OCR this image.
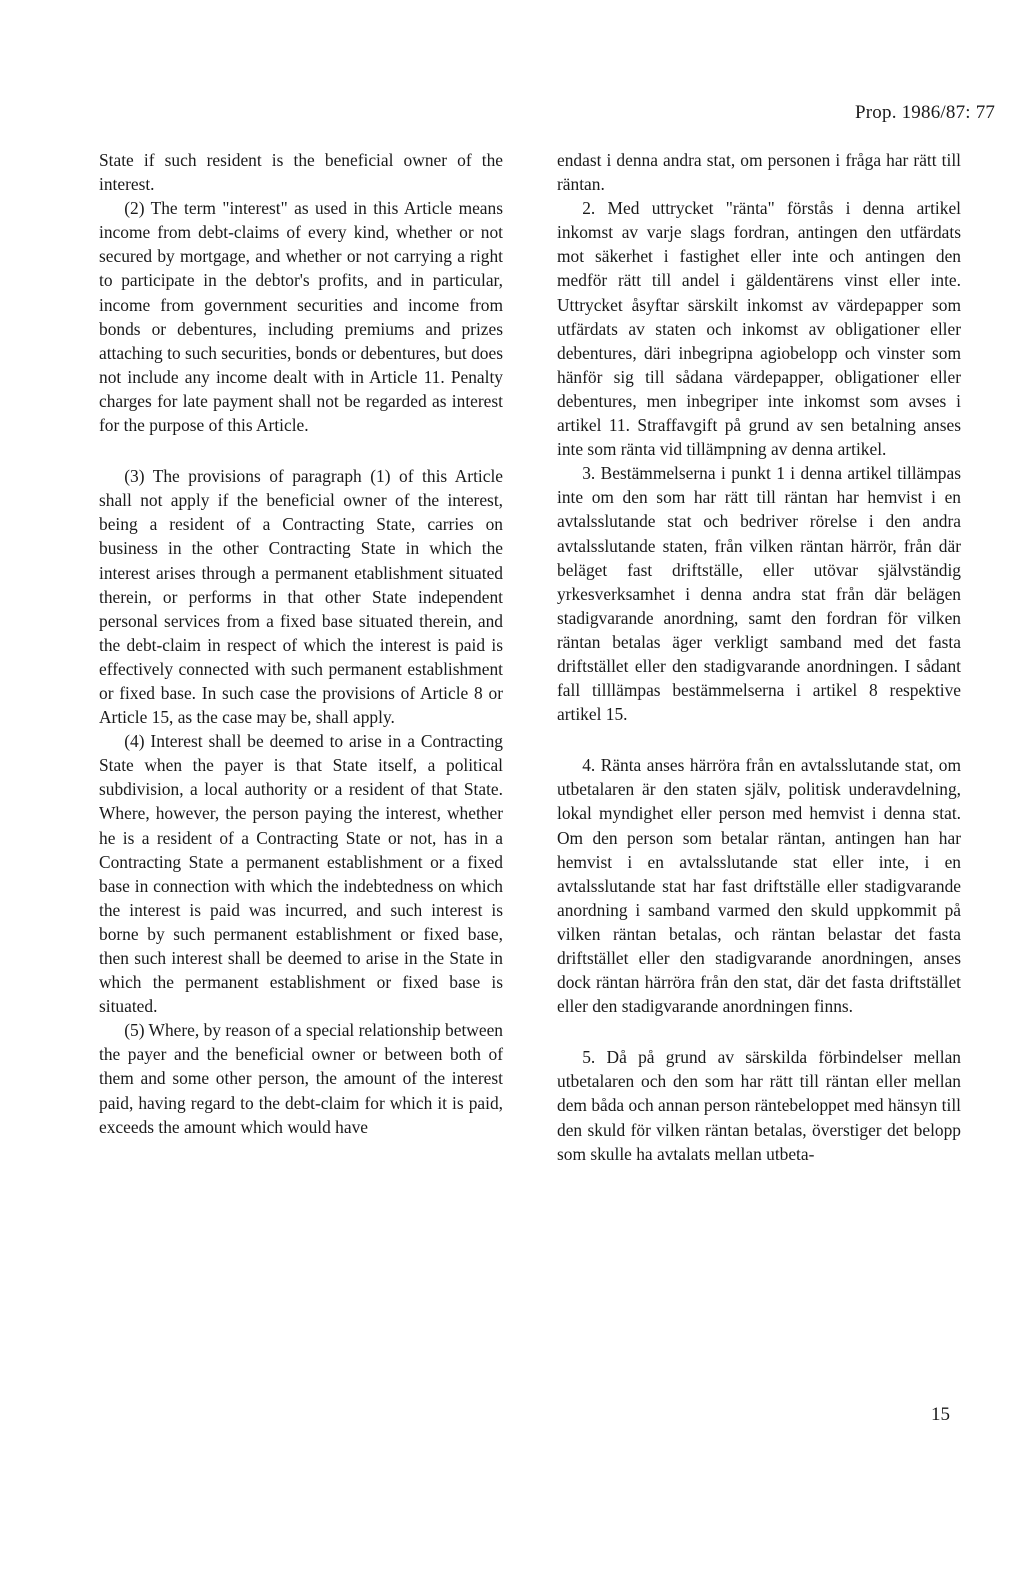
Prop. 1986/87: 77

State if such resident is the beneficial owner of the interest.

(2) The term "interest" as used in this Article means income from debt-claims of every kind, whether or not secured by mortgage, and whether or not carrying a right to participate in the debtor's profits, and in particular, income from government securities and income from bonds or debentures, including premiums and prizes attaching to such securities, bonds or debentures, but does not include any income dealt with in Article 11. Penalty charges for late payment shall not be regarded as interest for the purpose of this Article.

(3) The provisions of paragraph (1) of this Article shall not apply if the beneficial owner of the interest, being a resident of a Contracting State, carries on business in the other Contracting State in which the interest arises through a permanent etablishment situated therein, or performs in that other State independent personal services from a fixed base situated therein, and the debt-claim in respect of which the interest is paid is effectively connected with such permanent establishment or fixed base. In such case the provisions of Article 8 or Article 15, as the case may be, shall apply.

(4) Interest shall be deemed to arise in a Contracting State when the payer is that State itself, a political subdivision, a local authority or a resident of that State. Where, however, the person paying the interest, whether he is a resident of a Contracting State or not, has in a Contracting State a permanent establishment or a fixed base in connection with which the indebtedness on which the interest is paid was incurred, and such interest is borne by such permanent establishment or fixed base, then such interest shall be deemed to arise in the State in which the permanent establishment or fixed base is situated.

(5) Where, by reason of a special relationship between the payer and the beneficial owner or between both of them and some other person, the amount of the interest paid, having regard to the debt-claim for which it is paid, exceeds the amount which would have

endast i denna andra stat, om personen i fråga har rätt till räntan.

2. Med uttrycket "ränta" förstås i denna artikel inkomst av varje slags fordran, antingen den utfärdats mot säkerhet i fastighet eller inte och antingen den medför rätt till andel i gäldentärens vinst eller inte. Uttrycket åsyftar särskilt inkomst av värdepapper som utfärdats av staten och inkomst av obligationer eller debentures, däri inbegripna agiobelopp och vinster som hänför sig till sådana värdepapper, obligationer eller debentures, men inbegriper inte inkomst som avses i artikel 11. Straffavgift på grund av sen betalning anses inte som ränta vid tillämpning av denna artikel.

3. Bestämmelserna i punkt 1 i denna artikel tillämpas inte om den som har rätt till räntan har hemvist i en avtalsslutande stat och bedriver rörelse i den andra avtalsslutande staten, från vilken räntan härrör, från där beläget fast driftställe, eller utövar självständig yrkesverksamhet i denna andra stat från där belägen stadigvarande anordning, samt den fordran för vilken räntan betalas äger verkligt samband med det fasta driftstället eller den stadigvarande anordningen. I sådant fall tilllämpas bestämmelserna i artikel 8 respektive artikel 15.

4. Ränta anses härröra från en avtalsslutande stat, om utbetalaren är den staten själv, politisk underavdelning, lokal myndighet eller person med hemvist i denna stat. Om den person som betalar räntan, antingen han har hemvist i en avtalsslutande stat eller inte, i en avtalsslutande stat har fast driftställe eller stadigvarande anordning i samband varmed den skuld uppkommit på vilken räntan betalas, och räntan belastar det fasta driftstället eller den stadigvarande anordningen, anses dock räntan härröra från den stat, där det fasta driftstället eller den stadigvarande anordningen finns.

5. Då på grund av särskilda förbindelser mellan utbetalaren och den som har rätt till räntan eller mellan dem båda och annan person räntebeloppet med hänsyn till den skuld för vilken räntan betalas, överstiger det belopp som skulle ha avtalats mellan utbeta-

15
